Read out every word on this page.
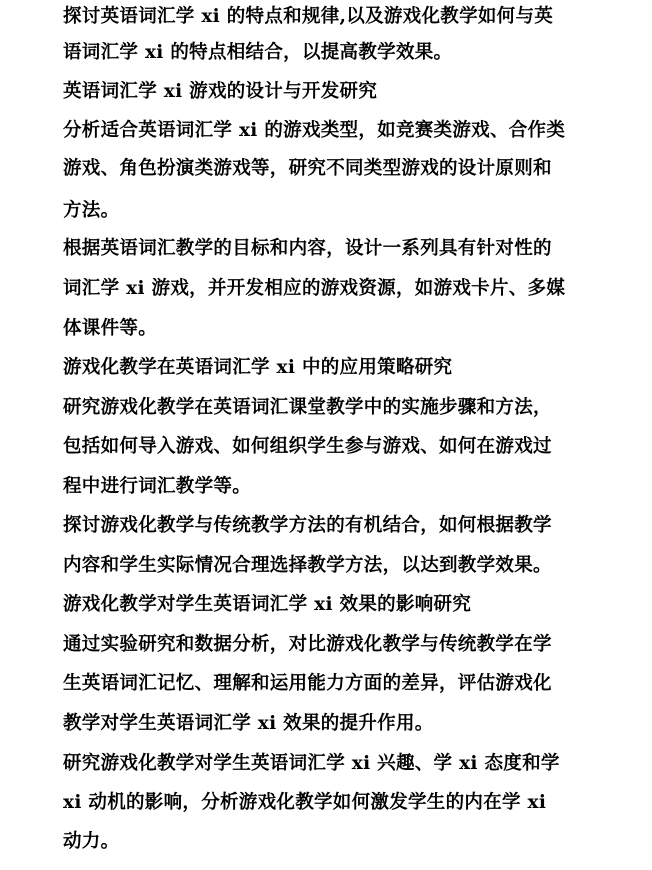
探讨英语词汇学 xi 的特点和规律,以及游戏化教学如何与英

语词汇学 xi 的特点相结合，以提高教学效果。

英语词汇学 xi 游戏的设计与开发研究

分析适合英语词汇学 xi 的游戏类型，如竞赛类游戏、合作类

游戏、角色扮演类游戏等，研究不同类型游戏的设计原则和

方法。

根据英语词汇教学的目标和内容，设计一系列具有针对性的

词汇学 xi 游戏，并开发相应的游戏资源，如游戏卡片、多媒

体课件等。

游戏化教学在英语词汇学 xi 中的应用策略研究

研究游戏化教学在英语词汇课堂教学中的实施步骤和方法，

包括如何导入游戏、如何组织学生参与游戏、如何在游戏过

程中进行词汇教学等。

探讨游戏化教学与传统教学方法的有机结合，如何根据教学

内容和学生实际情况合理选择教学方法，以达到教学效果。

游戏化教学对学生英语词汇学 xi 效果的影响研究

通过实验研究和数据分析，对比游戏化教学与传统教学在学

生英语词汇记忆、理解和运用能力方面的差异，评估游戏化

教学对学生英语词汇学 xi 效果的提升作用。

研究游戏化教学对学生英语词汇学 xi 兴趣、学 xi 态度和学

xi 动机的影响，分析游戏化教学如何激发学生的内在学 xi

动力。
